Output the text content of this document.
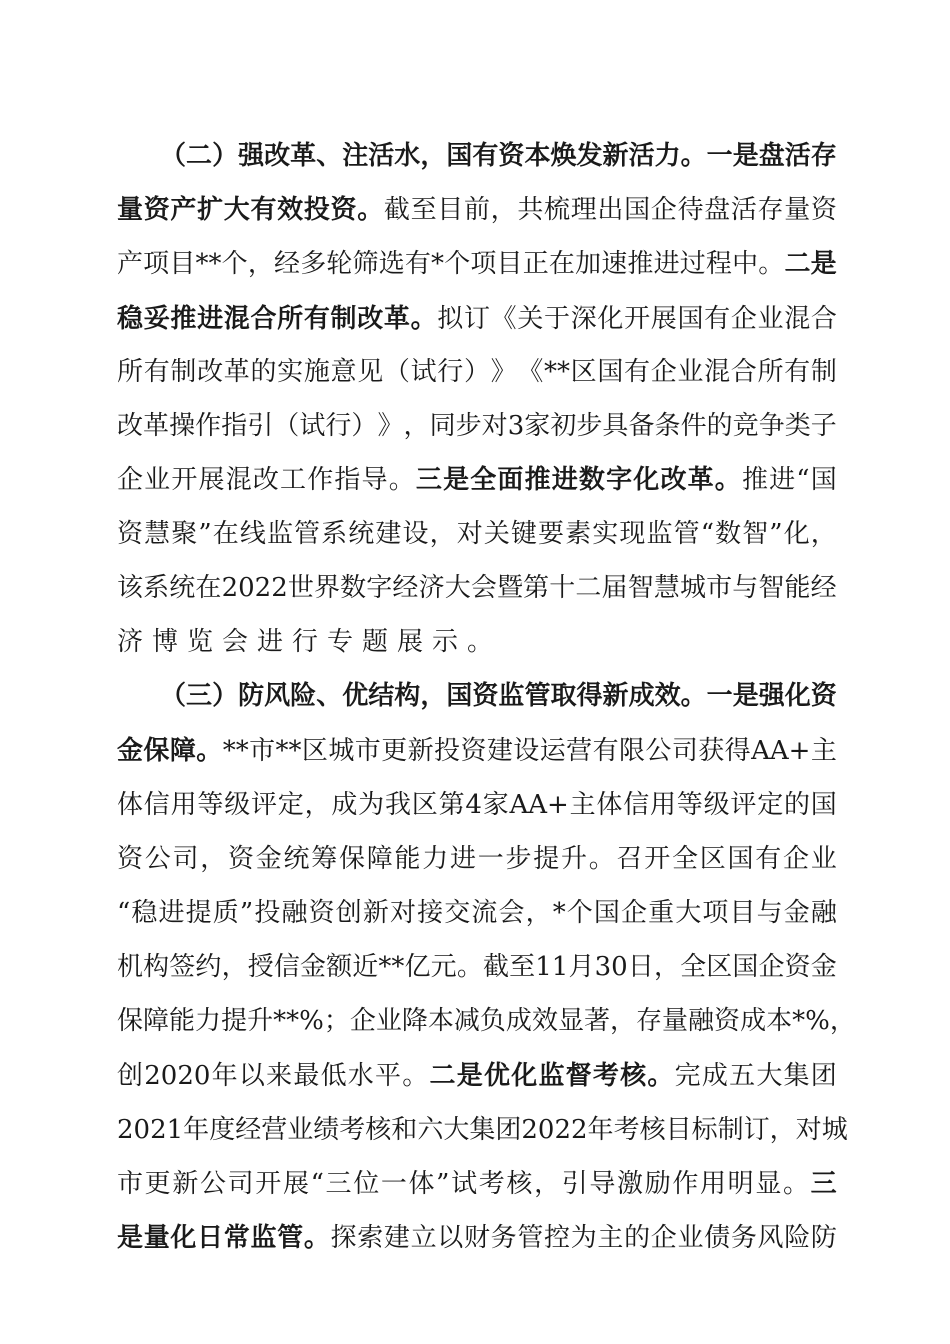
（ 二 ） 强 改 革 、 注 活 水 ， 国 有 资 本 焕 发 新 活 力 。 一 是 盘 活 存
量 资 产 扩 大 有 效 投 资 。 截 至 目 前 ， 共 梳 理 出 国 企 待 盘 活 存 量 资
产 项 目 ** 个 ， 经 多 轮 筛 选 有 * 个 项 目 正 在 加 速 推 进 过 程 中 。 二 是
稳 妥 推 进 混 合 所 有 制 改 革 。 拟 订 《 关 于 深 化 开 展 国 有 企 业 混 合
所 有 制 改 革 的 实 施 意 见 （ 试 行 ） 》 《 ** 区 国 有 企 业 混 合 所 有 制
改 革 操 作 指 引 （ 试 行 ） 》 ， 同 步 对 3 家 初 步 具 备 条 件 的 竞 争 类 子
企 业 开 展 混 改 工 作 指 导 。 三 是 全 面 推 进 数 字 化 改 革 。 推 进 “ 国
资 慧 聚 ” 在 线 监 管 系 统 建 设 ， 对 关 键 要 素 实 现 监 管 “ 数 智 ” 化 ，
该 系 统 在 2022 世 界 数 字 经 济 大 会 暨 第 十 二 届 智 慧 城 市 与 智 能 经
济博览会进行专题展示。
（ 三 ） 防 风 险 、 优 结 构 ， 国 资 监 管 取 得 新 成 效 。 一 是 强 化 资
金 保 障 。 ** 市 ** 区 城 市 更 新 投 资 建 设 运 营 有 限 公 司 获 得 AA+ 主
体 信 用 等 级 评 定 ， 成 为 我 区 第 4 家 AA+ 主 体 信 用 等 级 评 定 的 国
资 公 司 ， 资 金 统 筹 保 障 能 力 进 一 步 提 升 。 召 开 全 区 国 有 企 业
“ 稳 进 提 质 ” 投 融 资 创 新 对 接 交 流 会 ， * 个 国 企 重 大 项 目 与 金 融
机 构 签 约 ， 授 信 金 额 近 ** 亿 元 。 截 至 11 月 30 日 ， 全 区 国 企 资 金
保 障 能 力 提 升 **% ； 企 业 降 本 减 负 成 效 显 著 ， 存 量 融 资 成 本 *% ，
创 2020 年 以 来 最 低 水 平 。 二 是 优 化 监 督 考 核 。 完 成 五 大 集 团
2021 年 度 经 营 业 绩 考 核 和 六 大 集 团 2022 年 考 核 目 标 制 订 ， 对 城
市 更 新 公 司 开 展 “ 三 位 一 体 ” 试 考 核 ， 引 导 激 励 作 用 明 显 。 三
是 量 化 日 常 监 管 。 探 索 建 立 以 财 务 管 控 为 主 的 企 业 债 务 风 险 防
